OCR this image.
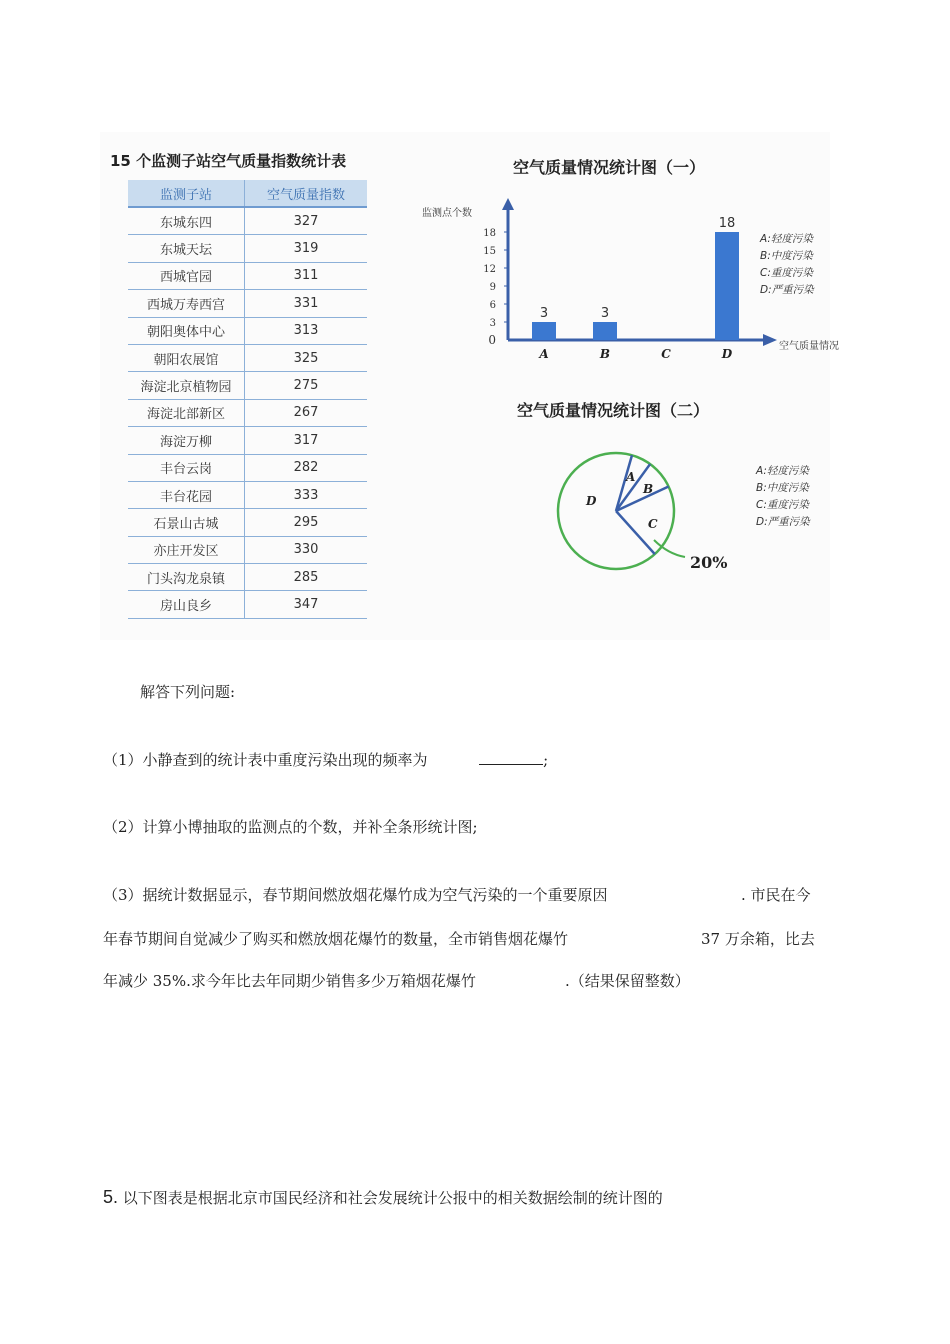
15 个监测子站空气质量指数统计表
监测子站	空气质量指数
东城东四	327
东城天坛	319
西城官园	311
西城万寿西宫	331
朝阳奥体中心	313
朝阳农展馆	325
海淀北京植物园	275
海淀北部新区	267
海淀万柳	317
丰台云岗	282
丰台花园	333
石景山古城	295
亦庄开发区	330
门头沟龙泉镇	285
房山良乡	347
空气质量情况统计图（一）
0
3
6
9
12
15
18
监测点个数
空气质量情况
3
A
3
B	C
18
D
A:轻度污染
B:中度污染
C:重度污染
D:严重污染
空气质量情况统计图（二）
A
B
C
D
20%
A:轻度污染
B:中度污染
C:重度污染
D:严重污染
解答下列问题:
（1）小静查到的统计表中重度污染出现的频率为	;
（2）计算小博抽取的监测点的个数，并补全条形统计图;
（3）据统计数据显示，春节期间燃放烟花爆竹成为空气污染的一个重要原因	. 市民在今
年春节期间自觉减少了购买和燃放烟花爆竹的数量，全市销售烟花爆竹	37 万余箱，比去
年减少 35%.求今年比去年同期少销售多少万箱烟花爆竹	.（结果保留整数）
5. 以下图表是根据北京市国民经济和社会发展统计公报中的相关数据绘制的统计图的
